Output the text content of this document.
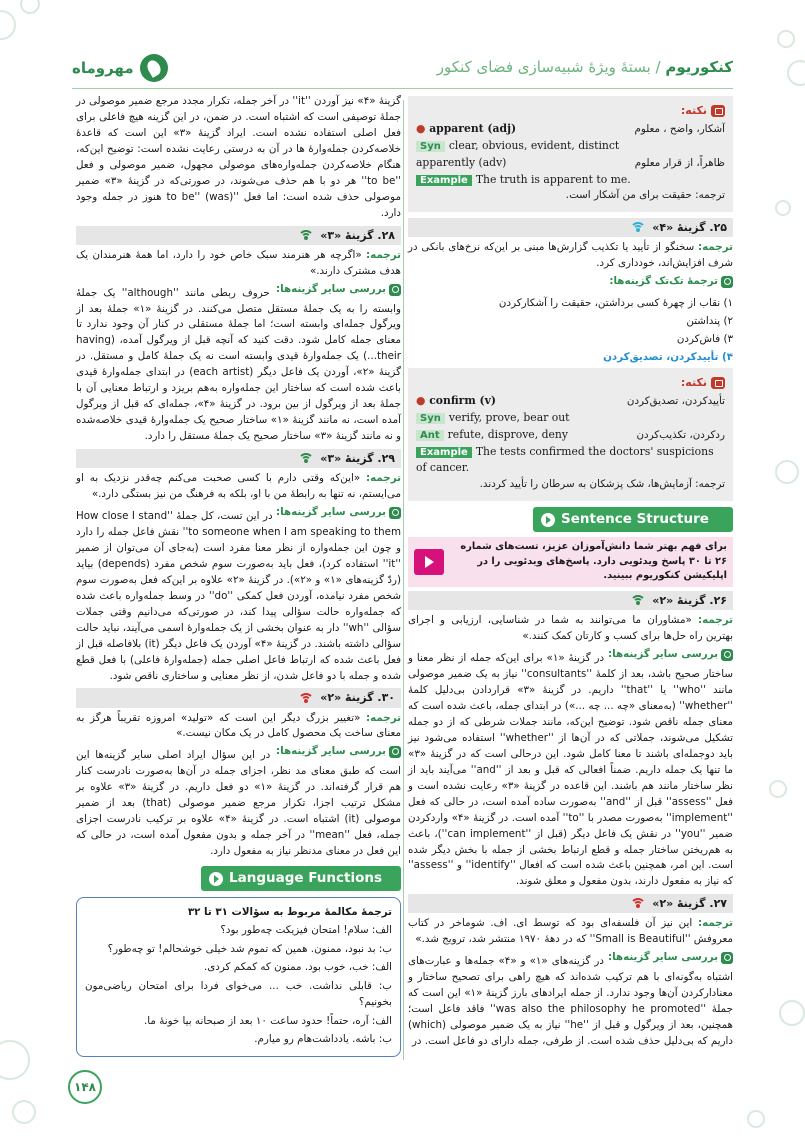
کنکوریوم / بستهٔ ویژهٔ شبیه‌سازی فضای کنکور
مهروماه
نکته:
آشکار، واضح ، معلوم
● apparent (adj)
Syn clear, obvious, evident, distinct
ظاهراً، از قرار معلوم
apparently (adv)
Example The truth is apparent to me.

ترجمه: حقیقت برای من آشکار است.

۲۵. گزینهٔ «۴»

ترجمه: سخنگو از تأیید یا تکذیب گزارش‌ها مبنی بر این‌که نرخ‌های بانکی در شرف افزایش‌اند، خودداری کرد.

ترجمهٔ تک‌تک گزینه‌ها:

۱) نقاب از چهرهٔ کسی برداشتن، حقیقت را آشکارکردن

۲) پنداشتن

۳) فاش‌کردن

۴) تأییدکردن، تصدیق‌کردن

نکته:
تأییدکردن، تصدیق‌کردن
● confirm (v)
Syn verify, prove, bear out
ردکردن، تکذیب‌کردن
Ant refute, disprove, deny
Example The tests confirmed the doctors' suspicions of cancer.

ترجمه: آزمایش‌ها، شک پزشکان به سرطان را تأیید کردند.

Sentence Structure
برای فهم بهتر شما دانش‌آموزان عزیز، تست‌های شماره ۲۶ تا ۳۰ پاسخ ویدئویی دارد. پاسخ‌های ویدئویی را در اپلیکیشن کنکوریوم ببینید.
۲۶. گزینهٔ «۲»

ترجمه: «مشاوران ما می‌توانند به شما در شناسایی، ارزیابی و اجرای بهترین راه حل‌ها برای کسب و کارتان کمک کنند.»

بررسی سایر گزینه‌ها:
در گزینهٔ «۱» برای این‌که جمله از نظر معنا و ساختار صحیح باشد، بعد از کلمهٔ ''consultants'' نیاز به یک ضمیر موصولی مانند ''who'' یا ''that'' داریم. در گزینهٔ «۳» قراردادن بی‌دلیل کلمهٔ ''whether'' (به‌معنای «چه ... چه ...») در ابتدای جمله، باعث شده است که معنای جمله ناقص شود. توضیح این‌که، مانند جملات شرطی که از دو جمله تشکیل می‌شوند، جملاتی که در آن‌ها از ''whether'' استفاده می‌شود نیز باید دوجمله‌ای باشند تا معنا کامل شود. این درحالی است که در گزینهٔ «۳» ما تنها یک جمله داریم. ضمناً افعالی که قبل و بعد از ''and'' می‌آیند باید از نظر ساختار مانند هم باشند. این قاعده در گزینهٔ «۳» رعایت نشده است و فعل ''assess'' قبل از ''and'' به‌صورت ساده آمده است، در حالی که فعل ''implement'' به‌صورت مصدر با ''to'' آمده است. در گزینهٔ «۴» واردکردن ضمیر ''you'' در نقش یک فاعل دیگر (قبل از ''can implement'')، باعث به هم‌ریختن ساختار جمله و قطع ارتباط بخشی از جمله با بخش دیگر شده است. این امر، همچنین باعث شده است که افعال ''identify'' و ''assess'' که نیاز به مفعول دارند، بدون مفعول و معلق شوند.

۲۷. گزینهٔ «۲»

ترجمه: این نیز آن فلسفه‌ای بود که توسط ای. اف. شوماخر در کتاب معروفش ''Small is Beautiful'' که در دههٔ ۱۹۷۰ منتشر شد، ترویج شد.»

بررسی سایر گزینه‌ها:
در گزینه‌های «۱» و «۴» جمله‌ها و عبارت‌های اشتباه به‌گونه‌ای با هم ترکیب شده‌اند که هیچ راهی برای تصحیح ساختار و معنادارکردن آن‌ها وجود ندارد. از جمله ایرادهای بارز گزینهٔ «۱» این است که جملهٔ ''was also the philosophy he promoted'' فاقد فاعل است؛ همچنین، بعد از ویرگول و قبل از ''he'' نیاز به یک ضمیر موصولی (which) داریم که بی‌دلیل حذف شده است. از طرفی، جمله دارای دو فاعل است. در

گزینهٔ «۴» نیز آوردن ''it'' در آخر جمله، تکرار مجدد مرجع ضمیر موصولی در جملهٔ توصیفی است که اشتباه است. در ضمن، در این گزینه هیچ فاعلی برای فعل اصلی استفاده نشده است. ایراد گزینهٔ «۳» این است که قاعدهٔ خلاصه‌کردن جمله‌وارهٔ ها در آن به درستی رعایت نشده است: توضیح این‌که، هنگام خلاصه‌کردن جمله‌واره‌های موصولی مجهول، ضمیر موصولی و فعل ''to be'' هر دو با هم حذف می‌شوند، در صورتی‌که در گزینهٔ «۳» ضمیر موصولی حذف شده است: اما فعل ''to be'' (was) هنوز در جمله وجود دارد.

۲۸. گزینهٔ «۳»

ترجمه: «اگرچه هر هنرمند سبک خاص خود را دارد، اما همهٔ هنرمندان یک هدف مشترک دارند.»

بررسی سایر گزینه‌ها:
حروف ربطی مانند ''although'' یک جملهٔ وابسته را به یک جملهٔ مستقل متصل می‌کنند. در گزینهٔ «۱» جملهٔ بعد از ویرگول جمله‌ای وابسته است؛ اما جملهٔ مستقلی در کنار آن وجود ندارد تا معنای جمله کامل شود. دقت کنید که آنچه قبل از ویرگول آمده، (having their...) یک جمله‌وارهٔ قیدی وابسته است نه یک جملهٔ کامل و مستقل. در گزینهٔ «۲»، آوردن یک فاعل دیگر (each artist) در ابتدای جمله‌وارهٔ قیدی باعث شده است که ساختار این جمله‌واره به‌هم بریزد و ارتباط معنایی آن با جملهٔ بعد از ویرگول از بین برود. در گزینهٔ «۴»، جمله‌ای که قبل از ویرگول آمده است، نه مانند گزینهٔ «۱» ساختار صحیح یک جمله‌وارهٔ قیدی خلاصه‌شده و نه مانند گزینهٔ «۳» ساختار صحیح یک جملهٔ مستقل را دارد.

۲۹. گزینهٔ «۳»

ترجمه: «این‌که وقتی دارم با کسی صحبت می‌کنم چه‌قدر نزدیک به او می‌ایستم، نه تنها به رابطهٔ من با او، بلکه به فرهنگ من نیز بستگی دارد.»

بررسی سایر گزینه‌ها:
در این تست، کل جملهٔ ''How close I stand to someone when I am speaking to them'' نقش فاعل جمله را دارد و چون این جمله‌واره از نظر معنا مفرد است (به‌جای آن می‌توان از ضمیر ''it'' استفاده کرد)، فعل باید به‌صورت سوم شخص مفرد (depends) بیاید (ردّ گزینه‌های «۱» و «۲»). در گزینهٔ «۲» علاوه بر این‌که فعل به‌صورت سوم شخص مفرد نیامده، آوردن فعل کمکی ''do'' در وسط جمله‌واره باعث شده که جمله‌واره حالت سؤالی پیدا کند، در صورتی‌که می‌دانیم وقتی جملات سؤالی ''wh'' دار به عنوان بخشی از یک جمله‌وارهٔ اسمی می‌آیند، نباید حالت سؤالی داشته باشند. در گزینهٔ «۴» آوردن یک فاعل دیگر (it) بلافاصله قبل از فعل باعث شده که ارتباط فاعل اصلی جمله (جمله‌وارهٔ فاعلی) با فعل قطع شده و جمله با دو فاعل شدن، از نظر معنایی و ساختاری ناقص شود.

۳۰. گزینهٔ «۲»

ترجمه: «تغییر بزرگ دیگر این است که «تولید» امروزه تقریباً هرگز به معنای ساخت یک محصول کامل در یک مکان نیست.»

بررسی سایر گزینه‌ها:
در این سؤال ایراد اصلی سایر گزینه‌ها این است که طبق معنای مد نظر، اجزای جمله در آن‌ها به‌صورت نادرست کنار هم قرار گرفته‌اند. در گزینهٔ «۱» دو فعل داریم. در گزینهٔ «۳» علاوه بر مشکل ترتیب اجزا، تکرار مرجع ضمیر موصولی (that) بعد از ضمیر موصولی (it) اشتباه است. در گزینهٔ «۴» علاوه بر ترکیب نادرست اجزای جمله، فعل ''mean'' در آخر جمله و بدون مفعول آمده است، در حالی که این فعل در معنای مدنظر نیاز به مفعول دارد.

Language Functions

ترجمهٔ مکالمهٔ مربوط به سؤالات ۳۱ تا ۳۲

الف: سلام! امتحان فیزیکت چه‌طور بود؟

ب: بد نبود، ممنون. همین که تموم شد خیلی خوشحالم! تو چه‌طور؟

الف: خب، خوب بود. ممنون که کمکم کردی.

ب: قابلی نداشت. خب ... می‌خوای فردا برای امتحان ریاضی‌مون بخونیم؟

الف: آره، حتماً! حدود ساعت ۱۰ بعد از صبحانه بیا خونهٔ ما.

ب: باشه. یادداشت‌هام رو میارم.

۱۴۸
